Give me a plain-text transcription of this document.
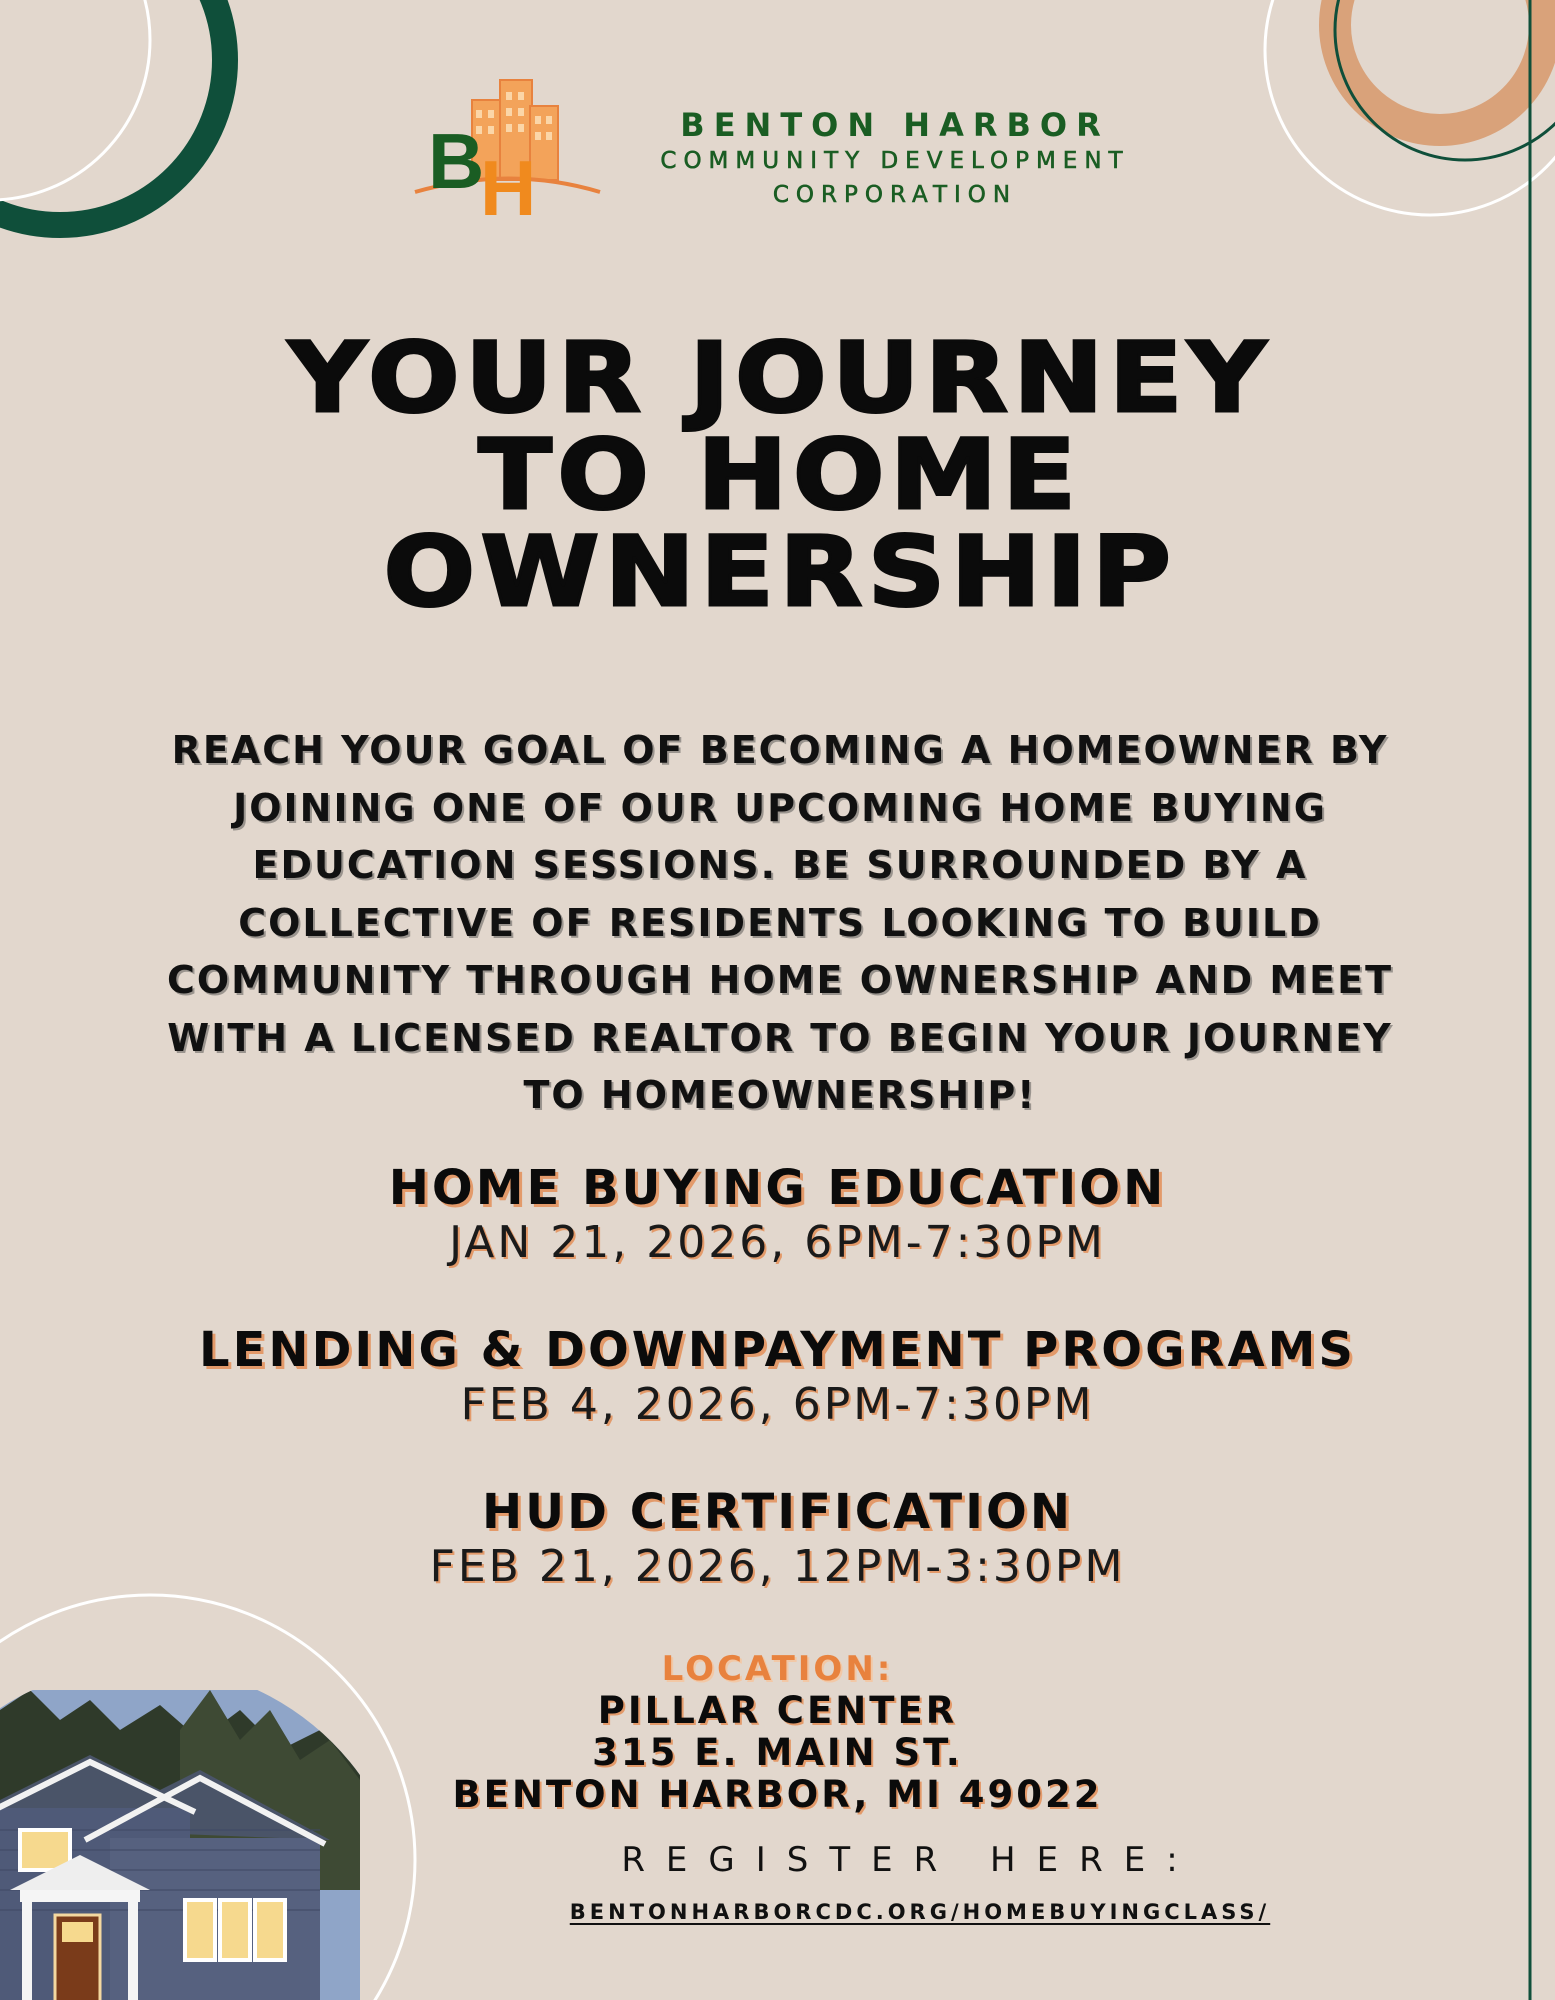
B
H
BENTON HARBOR
COMMUNITY DEVELOPMENT
CORPORATION
YOUR JOURNEY
TO HOME
OWNERSHIP
REACH YOUR GOAL OF BECOMING A HOMEOWNER BY
JOINING ONE OF OUR UPCOMING HOME BUYING
EDUCATION SESSIONS. BE SURROUNDED BY A
COLLECTIVE OF RESIDENTS LOOKING TO BUILD
COMMUNITY THROUGH HOME OWNERSHIP AND MEET
WITH A LICENSED REALTOR TO BEGIN YOUR JOURNEY
TO HOMEOWNERSHIP!
HOME BUYING EDUCATION
JAN 21, 2026, 6PM-7:30PM
LENDING & DOWNPAYMENT PROGRAMS
FEB 4, 2026, 6PM-7:30PM
HUD CERTIFICATION
FEB 21, 2026, 12PM-3:30PM
LOCATION:
PILLAR CENTER
315 E. MAIN ST.
BENTON HARBOR, MI 49022
REGISTER HERE:
BENTONHARBORCDC.ORG/HOMEBUYINGCLASS/
